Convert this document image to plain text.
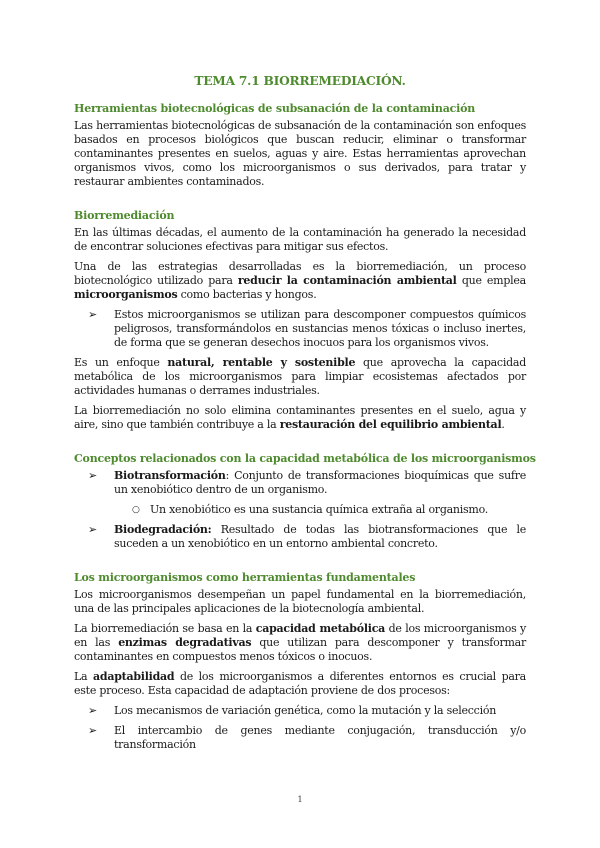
TEMA 7.1 BIORREMEDIACIÓN.
Herramientas biotecnológicas de subsanación de la contaminación

Las herramientas biotecnológicas de subsanación de la contaminación son enfoques basados en procesos biológicos que buscan reducir, eliminar o transformar contaminantes presentes en suelos, aguas y aire. Estas herramientas aprovechan organismos vivos, como los microorganismos o sus derivados, para tratar y restaurar ambientes contaminados.

Biorremediación

En las últimas décadas, el aumento de la contaminación ha generado la necesidad de encontrar soluciones efectivas para mitigar sus efectos.

Una de las estrategias desarrolladas es la biorremediación, un proceso biotecnológico utilizado para reducir la contaminación ambiental que emplea microorganismos como bacterias y hongos.

➢	Estos microorganismos se utilizan para descomponer compuestos químicos peligrosos, transformándolos en sustancias menos tóxicas o incluso inertes, de forma que se generan desechos inocuos para los organismos vivos.

Es un enfoque natural, rentable y sostenible que aprovecha la capacidad metabólica de los microorganismos para limpiar ecosistemas afectados por actividades humanas o derrames industriales.

La biorremediación no solo elimina contaminantes presentes en el suelo, agua y aire, sino que también contribuye a la restauración del equilibrio ambiental.

Conceptos relacionados con la capacidad metabólica de los microorganismos
➢	Biotransformación: Conjunto de transformaciones bioquímicas que sufre un xenobiótico dentro de un organismo.
○ Un xenobiótico es una sustancia química extraña al organismo.
➢	Biodegradación: Resultado de todas las biotransformaciones que le suceden a un xenobiótico en un entorno ambiental concreto.
Los microorganismos como herramientas fundamentales

Los microorganismos desempeñan un papel fundamental en la biorremediación, una de las principales aplicaciones de la biotecnología ambiental.

La biorremediación se basa en la capacidad metabólica de los microorganismos y en las enzimas degradativas que utilizan para descomponer y transformar contaminantes en compuestos menos tóxicos o inocuos.

La adaptabilidad de los microorganismos a diferentes entornos es crucial para este proceso. Esta capacidad de adaptación proviene de dos procesos:

➢	Los mecanismos de variación genética, como la mutación y la selección
➢	El intercambio de genes mediante conjugación, transducción y/o transformación
1
